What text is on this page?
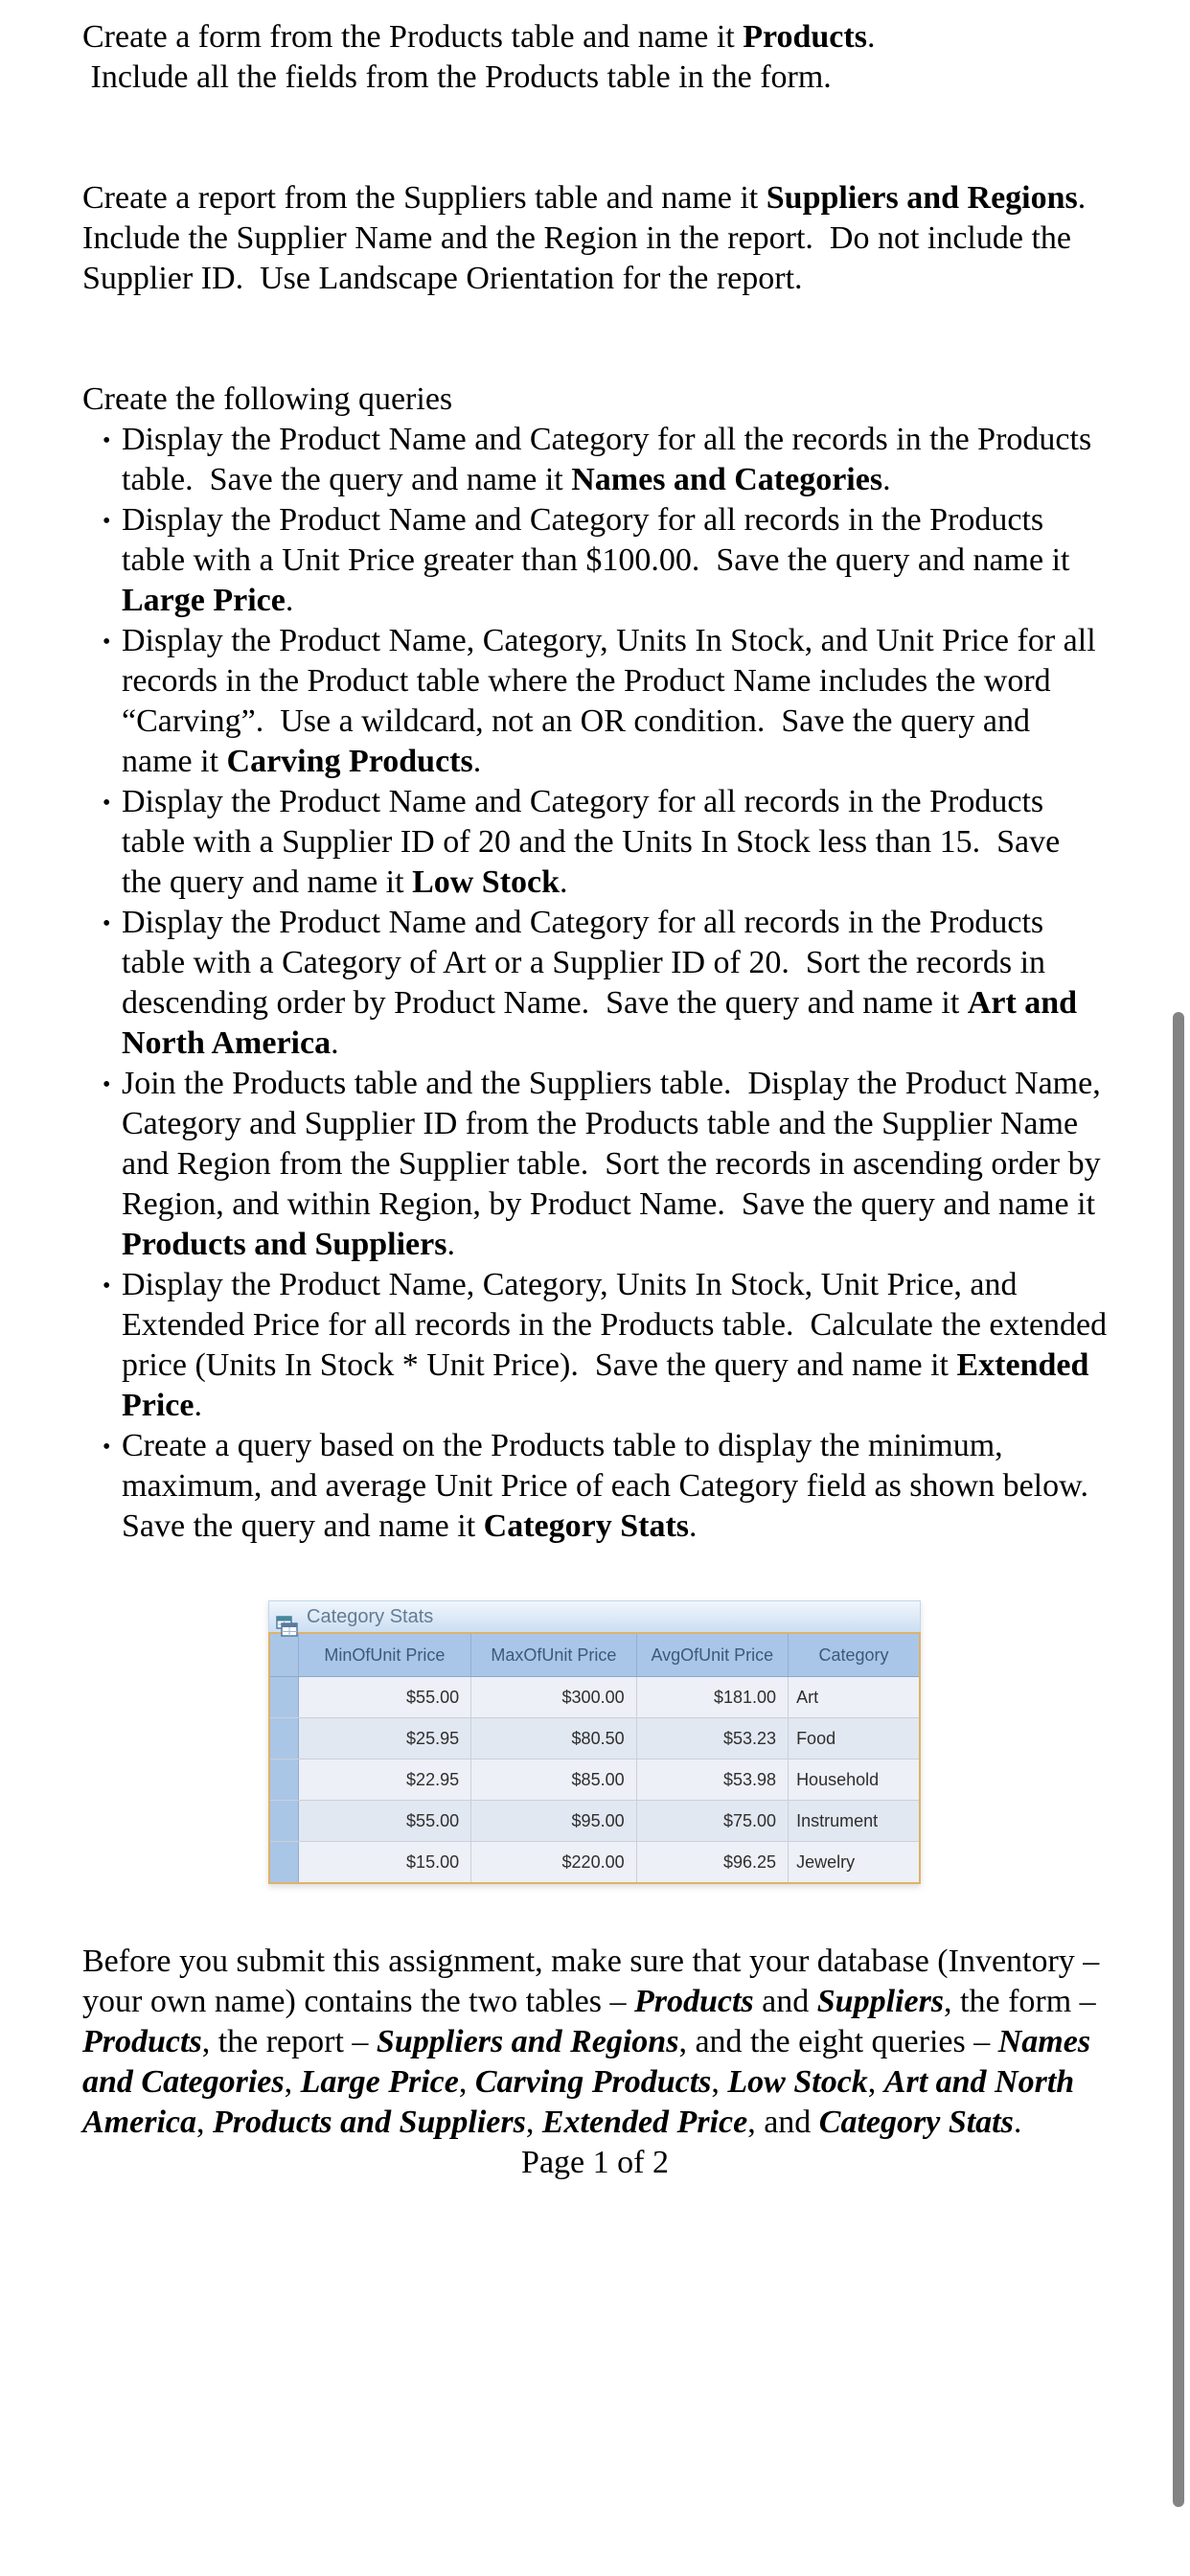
Create a form from the Products table and name it Products.
Include all the fields from the Products table in the form.

Create a report from the Suppliers table and name it Suppliers and Regions.  Include the Supplier Name and the Region in the report.  Do not include the Supplier ID.  Use Landscape Orientation for the report.

Create the following queries

• Display the Product Name and Category for all the records in the Products table.  Save the query and name it Names and Categories.
• Display the Product Name and Category for all records in the Products table with a Unit Price greater than $100.00.  Save the query and name it Large Price.
• Display the Product Name, Category, Units In Stock, and Unit Price for all records in the Product table where the Product Name includes the word “Carving”.  Use a wildcard, not an OR condition.  Save the query and name it Carving Products.
• Display the Product Name and Category for all records in the Products table with a Supplier ID of 20 and the Units In Stock less than 15.  Save the query and name it Low Stock.
• Display the Product Name and Category for all records in the Products table with a Category of Art or a Supplier ID of 20.  Sort the records in descending order by Product Name.  Save the query and name it Art and North America.
• Join the Products table and the Suppliers table.  Display the Product Name, Category and Supplier ID from the Products table and the Supplier Name and Region from the Supplier table.  Sort the records in ascending order by Region, and within Region, by Product Name.  Save the query and name it Products and Suppliers.
• Display the Product Name, Category, Units In Stock, Unit Price, and Extended Price for all records in the Products table.  Calculate the extended price (Units In Stock * Unit Price).  Save the query and name it Extended Price.
• Create a query based on the Products table to display the minimum, maximum, and average Unit Price of each Category field as shown below. Save the query and name it Category Stats.
Category Stats
	MinOfUnit Price	MaxOfUnit Price	AvgOfUnit Price	Category
	$55.00	$300.00	$181.00	Art
	$25.95	$80.50	$53.23	Food
	$22.95	$85.00	$53.98	Household
	$55.00	$95.00	$75.00	Instrument
	$15.00	$220.00	$96.25	Jewelry

Before you submit this assignment, make sure that your database (Inventory – your own name) contains the two tables – Products and Suppliers, the form – Products, the report – Suppliers and Regions, and the eight queries – Names and Categories, Large Price, Carving Products, Low Stock, Art and North America, Products and Suppliers, Extended Price, and Category Stats.

Page 1 of 2
